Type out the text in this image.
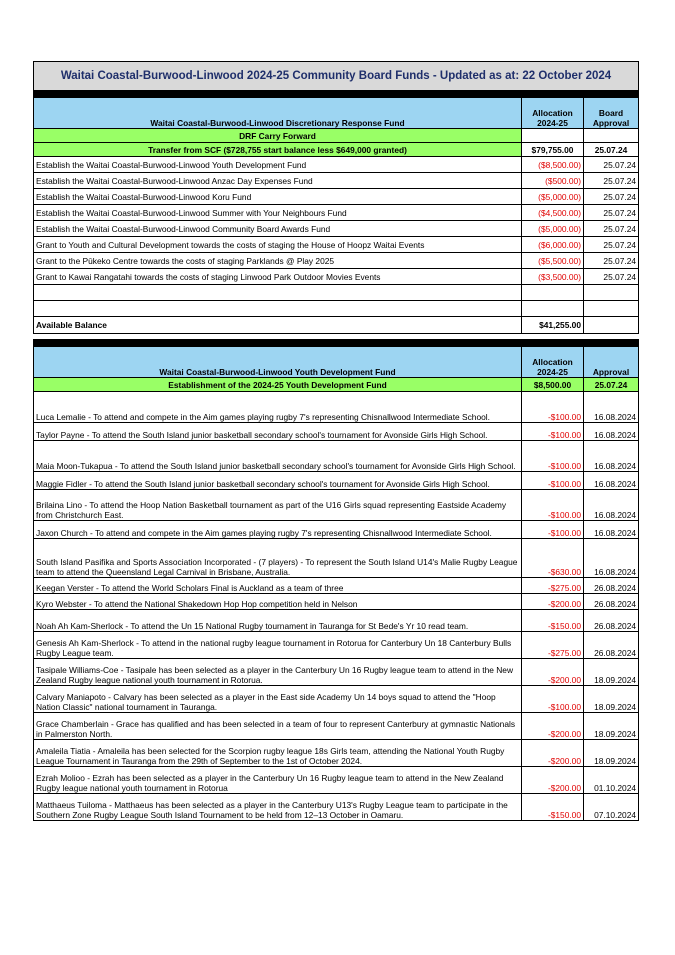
Waitai Coastal-Burwood-Linwood 2024-25 Community Board Funds - Updated as at: 22 October 2024		

Waitai Coastal-Burwood-Linwood Discretionary Response Fund	Allocation 2024-25	Board Approval
DRF Carry Forward		
Transfer from SCF ($728,755 start balance less $649,000 granted)	$79,755.00	25.07.24
Establish the Waitai Coastal-Burwood-Linwood Youth Development Fund	($8,500.00)	25.07.24
Establish the Waitai Coastal-Burwood-Linwood Anzac Day Expenses Fund	($500.00)	25.07.24
Establish the Waitai Coastal-Burwood-Linwood Koru Fund	($5,000.00)	25.07.24
Establish the Waitai Coastal-Burwood-Linwood Summer with Your Neighbours Fund	($4,500.00)	25.07.24
Establish the Waitai Coastal-Burwood-Linwood Community Board Awards Fund	($5,000.00)	25.07.24
Grant to Youth and Cultural Development towards the costs of staging the House of Hoopz Waitai Events	($6,000.00)	25.07.24
Grant to the Pūkeko Centre towards the costs of staging Parklands @ Play 2025	($5,500.00)	25.07.24
Grant to Kawai Rangatahi towards the costs of staging Linwood Park Outdoor Movies Events	($3,500.00)	25.07.24

Available Balance	$41,255.00	

Waitai Coastal-Burwood-Linwood Youth Development Fund	Allocation 2024-25	Approval
Establishment of the 2024-25 Youth Development Fund	$8,500.00	25.07.24
Luca Lemalie - To attend and compete in the Aim games playing rugby 7's representing Chisnallwood Intermediate School.	-$100.00	16.08.2024
Taylor Payne - To attend the South Island junior basketball secondary school's tournament for Avonside Girls High School.	-$100.00	16.08.2024
Maia Moon-Tukapua - To attend the South Island junior basketball secondary school's tournament for Avonside Girls High School.	-$100.00	16.08.2024
Maggie Fidler - To attend the South Island junior basketball secondary school's tournament for Avonside Girls High School.	-$100.00	16.08.2024
Brilaina Lino - To attend the Hoop Nation Basketball tournament as part of the U16 Girls squad representing Eastside Academy from Christchurch East.	-$100.00	16.08.2024
Jaxon Church - To attend and compete in the Aim games playing rugby 7's representing Chisnallwood Intermediate School.	-$100.00	16.08.2024
South Island Pasifika and Sports Association Incorporated - (7 players) - To represent the South Island U14's Malie Rugby League team to attend the Queensland Legal Carnival in Brisbane, Australia.	-$630.00	16.08.2024
Keegan Verster - To attend the World Scholars Final is Auckland as a team of three	-$275.00	26.08.2024
Kyro Webster - To attend the National Shakedown Hop Hop competition held in Nelson	-$200.00	26.08.2024
Noah Ah Kam-Sherlock - To attend the Un 15 National Rugby tournament in Tauranga for St Bede's Yr 10 read team.	-$150.00	26.08.2024
Genesis Ah Kam-Sherlock - To attend in the national rugby league tournament in Rotorua for Canterbury Un 18 Canterbury Bulls Rugby League team.	-$275.00	26.08.2024
Tasipale Williams-Coe - Tasipale has been selected as a player in the Canterbury Un 16 Rugby league team to attend in the New Zealand Rugby league national youth tournament in Rotorua.	-$200.00	18.09.2024
Calvary Maniapoto - Calvary has been selected as a player in the East side Academy Un 14 boys squad to attend the "Hoop Nation Classic" national tournament in Tauranga.	-$100.00	18.09.2024
Grace Chamberlain - Grace has qualified and has been selected in a team of four to represent Canterbury at gymnastic Nationals in Palmerston North.	-$200.00	18.09.2024
Amaleila Tiatia - Amaleila has been selected for the Scorpion rugby league 18s Girls team, attending the National Youth Rugby League Tournament in Tauranga from the 29th of September to the 1st of October 2024.	-$200.00	18.09.2024
Ezrah Molioo - Ezrah has been selected as a player in the Canterbury Un 16 Rugby league team to attend in the New Zealand Rugby league national youth tournament in Rotorua	-$200.00	01.10.2024
Matthaeus Tuiloma - Matthaeus has been selected as a player in the Canterbury U13's Rugby League team to participate in the Southern Zone Rugby League South Island Tournament to be held from 12–13 October in Oamaru.	-$150.00	07.10.2024
